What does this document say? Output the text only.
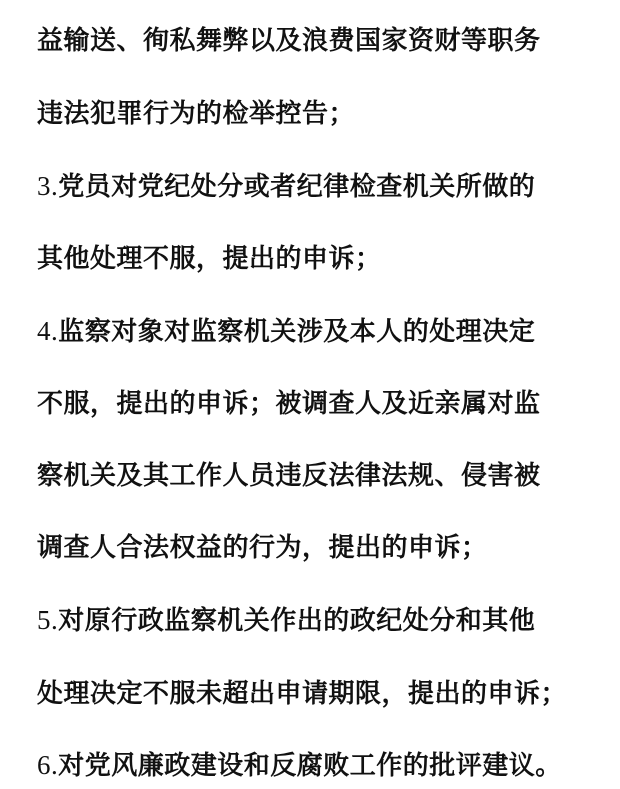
益输送、徇私舞弊以及浪费国家资财等职务
违法犯罪行为的检举控告；
3.党员对党纪处分或者纪律检查机关所做的
其他处理不服，提出的申诉；
4.监察对象对监察机关涉及本人的处理决定
不服，提出的申诉；被调查人及近亲属对监
察机关及其工作人员违反法律法规、侵害被
调查人合法权益的行为，提出的申诉；
5.对原行政监察机关作出的政纪处分和其他
处理决定不服未超出申请期限，提出的申诉；
6.对党风廉政建设和反腐败工作的批评建议。
